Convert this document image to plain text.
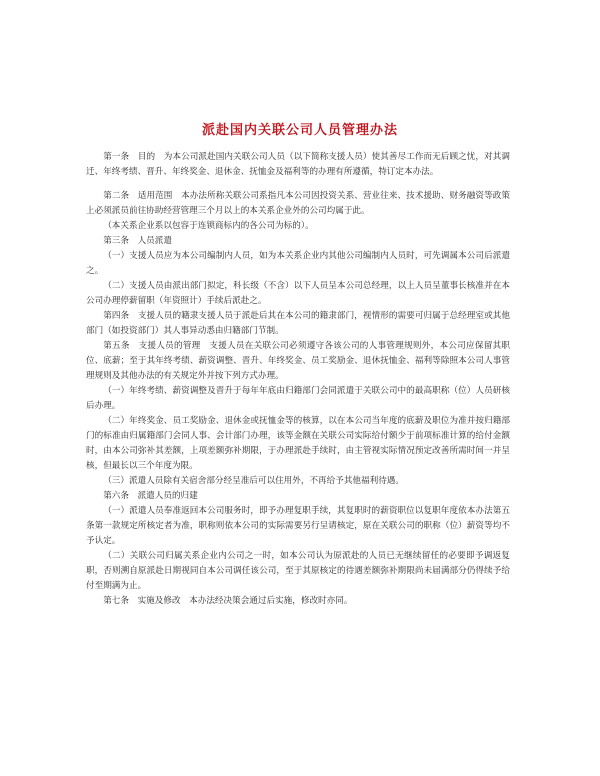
派赴国内关联公司人员管理办法

第一条　目的　为本公司派赴国内关联公司人员（以下简称支援人员）使其善尽工作而无后顾之忧，对其调迁、年终考绩、晋升、年终奖金、退休金、抚恤金及福利等的办理有所遵循，特订定本办法。

第二条　适用范围　本办法所称关联公司系指凡本公司因投资关系、营业往来、技术援助、财务融资等政策上必须派员前往协助经营管理三个月以上的本关系企业外的公司均属于此。

（本关系企业系以包容于连锁商标内的各公司为标的）。

第三条　人员派遣

（一）支援人员应为本公司编制内人员，如为本关系企业内其他公司编制内人员时，可先调属本公司后派遣之。

（二）支援人员由派出部门拟定，科长级（不含）以下人员呈本公司总经理，以上人员呈董事长核准并在本公司办理停薪留职（年资照计）手续后派赴之。

第四条　支援人员的籍隶支援人员于派赴后其在本公司的籍隶部门，视情形的需要可归属于总经理室或其他部门（如投资部门）其人事异动悉由归籍部门节制。

第五条　支援人员的管理　支援人员在关联公司必须遵守各该公司的人事管理规则外，本公司应保留其职位、底薪；至于其年终考绩、薪资调整、晋升、年终奖金、员工奖励金、退休抚恤金、福利等除照本公司人事管理规则及其他办法的有关规定外并按下列方式办理。

（一）年终考绩、薪资调整及晋升于每年年底由归籍部门会同派遣于关联公司中的最高职称（位）人员研核后办理。

（二）年终奖金、员工奖励金、退休金或抚恤金等的核算，以在本公司当年度的底薪及职位为准并按归籍部门的标准由归属籍部门会同人事、会计部门办理，该等金额在关联公司实际给付额少于前项标准计算的给付金额时，由本公司弥补其差额，上项差额弥补期限，于办理派赴手续时，由主管视实际情况预定改善所需时间一并呈核，但最长以三个年度为限。

（三）派遣人员除有关宿舍部分经呈准后可以住用外，不再给予其他福利待遇。

第六条　派遣人员的归建

（一）派遣人员奉准返回本公司服务时，即予办理复职手续，其复职时的薪资职位以复职年度依本办法第五条第一款规定所核定者为准，职称则依本公司的实际需要另行呈请核定，原在关联公司的职称（位）薪资等均不予认定。

（二）关联公司归属关系企业内公司之一时，如本公司认为原派赴的人员已无继续留任的必要即予调返复职，否则溯自原派赴日期视同自本公司调任该公司，至于其原核定的待遇差额弥补期限尚未届满部分仍得续予给付至期满为止。

第七条　实施及修改　本办法经决策会通过后实施，修改时亦同。
